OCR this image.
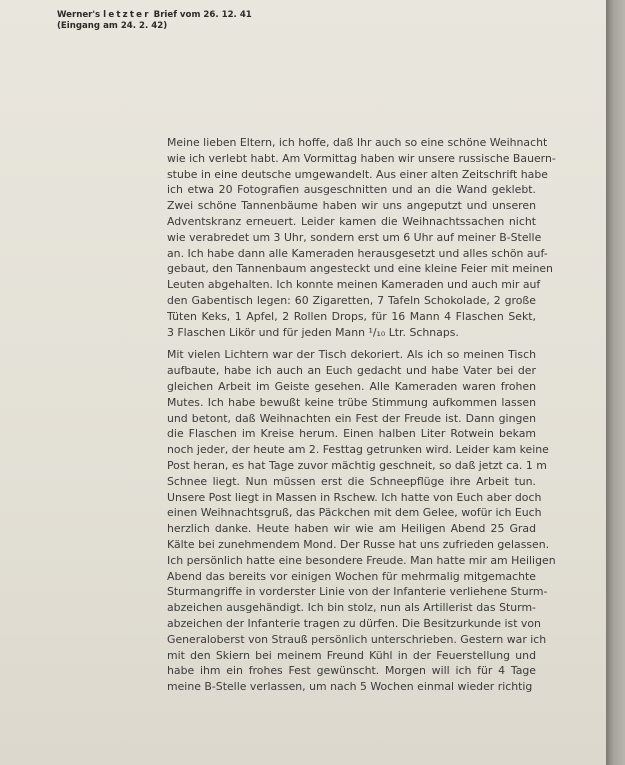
Werner's letzter Brief vom 26. 12. 41
(Eingang am 24. 2. 42)

Meine lieben Eltern, ich hoffe, daß Ihr auch so eine schöne Weihnacht
wie ich verlebt habt. Am Vormittag haben wir unsere russische Bauern-
stube in eine deutsche umgewandelt. Aus einer alten Zeitschrift habe
ich etwa 20 Fotografien ausgeschnitten und an die Wand geklebt.
Zwei schöne Tannenbäume haben wir uns angeputzt und unseren
Adventskranz erneuert. Leider kamen die Weihnachtssachen nicht
wie verabredet um 3 Uhr, sondern erst um 6 Uhr auf meiner B-Stelle
an. Ich habe dann alle Kameraden herausgesetzt und alles schön auf-
gebaut, den Tannenbaum angesteckt und eine kleine Feier mit meinen
Leuten abgehalten. Ich konnte meinen Kameraden und auch mir auf
den Gabentisch legen: 60 Zigaretten, 7 Tafeln Schokolade, 2 große
Tüten Keks, 1 Apfel, 2 Rollen Drops, für 16 Mann 4 Flaschen Sekt,
3 Flaschen Likör und für jeden Mann ¹/₁₀ Ltr. Schnaps.

Mit vielen Lichtern war der Tisch dekoriert. Als ich so meinen Tisch
aufbaute, habe ich auch an Euch gedacht und habe Vater bei der
gleichen Arbeit im Geiste gesehen. Alle Kameraden waren frohen
Mutes. Ich habe bewußt keine trübe Stimmung aufkommen lassen
und betont, daß Weihnachten ein Fest der Freude ist. Dann gingen
die Flaschen im Kreise herum. Einen halben Liter Rotwein bekam
noch jeder, der heute am 2. Festtag getrunken wird. Leider kam keine
Post heran, es hat Tage zuvor mächtig geschneit, so daß jetzt ca. 1 m
Schnee liegt. Nun müssen erst die Schneepflüge ihre Arbeit tun.
Unsere Post liegt in Massen in Rschew. Ich hatte von Euch aber doch
einen Weihnachtsgruß, das Päckchen mit dem Gelee, wofür ich Euch
herzlich danke. Heute haben wir wie am Heiligen Abend 25 Grad
Kälte bei zunehmendem Mond. Der Russe hat uns zufrieden gelassen.
Ich persönlich hatte eine besondere Freude. Man hatte mir am Heiligen
Abend das bereits vor einigen Wochen für mehrmalig mitgemachte
Sturmangriffe in vorderster Linie von der Infanterie verliehene Sturm-
abzeichen ausgehändigt. Ich bin stolz, nun als Artillerist das Sturm-
abzeichen der Infanterie tragen zu dürfen. Die Besitzurkunde ist von
Generaloberst von Strauß persönlich unterschrieben. Gestern war ich
mit den Skiern bei meinem Freund Kühl in der Feuerstellung und
habe ihm ein frohes Fest gewünscht. Morgen will ich für 4 Tage
meine B-Stelle verlassen, um nach 5 Wochen einmal wieder richtig
